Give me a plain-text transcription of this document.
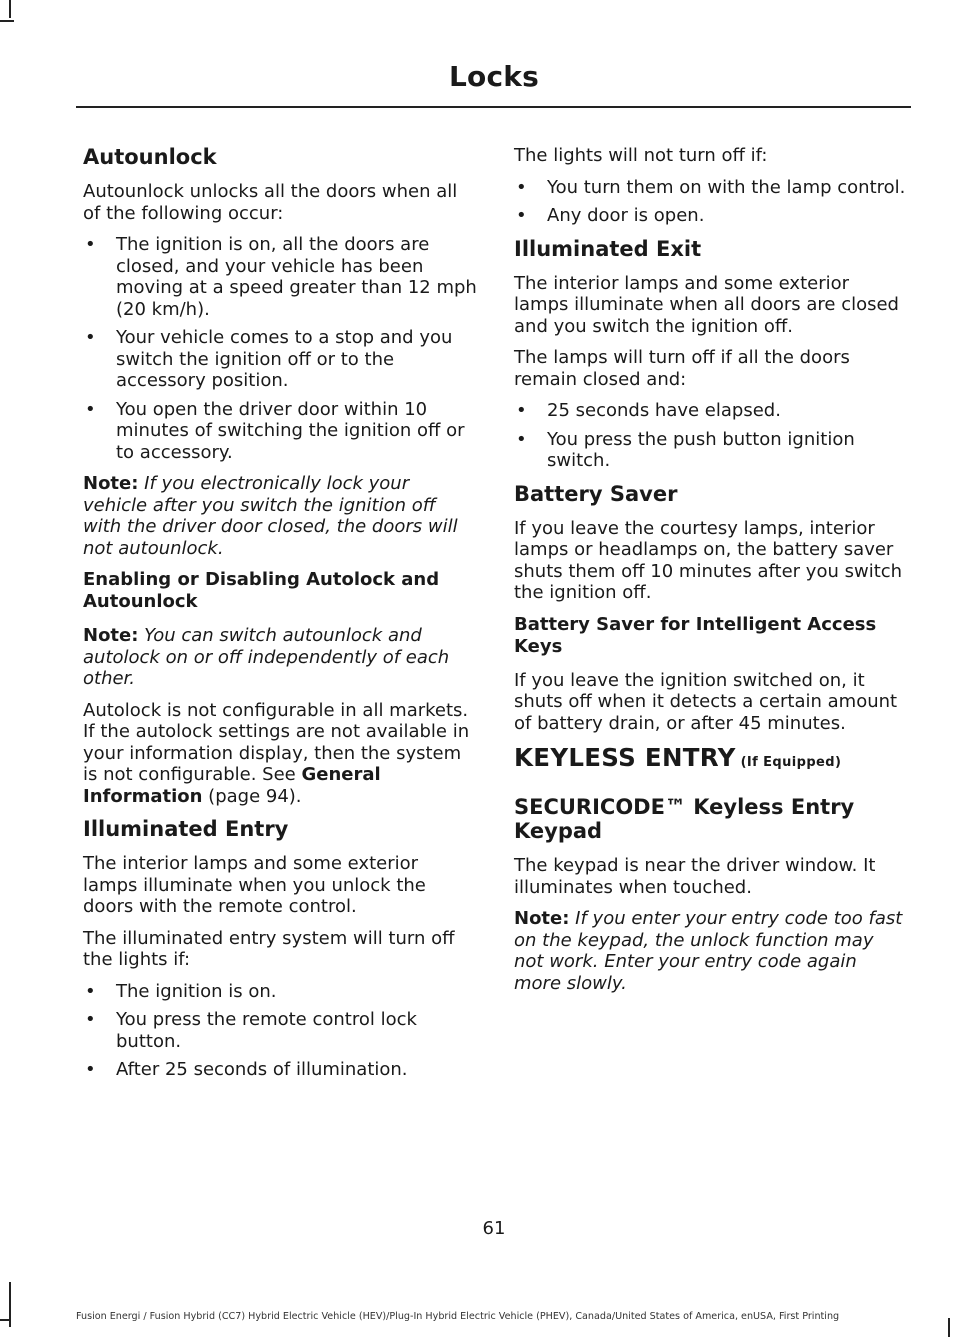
Locks
Autounlock

Autounlock unlocks all the doors when all of the following occur:

• The ignition is on, all the doors are closed, and your vehicle has been moving at a speed greater than 12 mph (20 km/h).
• Your vehicle comes to a stop and you switch the ignition off or to the accessory position.
• You open the driver door within 10 minutes of switching the ignition off or to accessory.

Note: If you electronically lock your vehicle after you switch the ignition off with the driver door closed, the doors will not autounlock.

Enabling or Disabling Autolock and Autounlock

Note: You can switch autounlock and autolock on or off independently of each other.

Autolock is not configurable in all markets. If the autolock settings are not available in your information display, then the system is not configurable. See General Information (page 94).

Illuminated Entry

The interior lamps and some exterior lamps illuminate when you unlock the doors with the remote control.

The illuminated entry system will turn off the lights if:

• The ignition is on.
• You press the remote control lock button.
• After 25 seconds of illumination.

The lights will not turn off if:

• You turn them on with the lamp control.
• Any door is open.
Illuminated Exit

The interior lamps and some exterior lamps illuminate when all doors are closed and you switch the ignition off.

The lamps will turn off if all the doors remain closed and:

• 25 seconds have elapsed.
• You press the push button ignition switch.
Battery Saver

If you leave the courtesy lamps, interior lamps or headlamps on, the battery saver shuts them off 10 minutes after you switch the ignition off.

Battery Saver for Intelligent Access Keys

If you leave the ignition switched on, it shuts off when it detects a certain amount of battery drain, or after 45 minutes.

KEYLESS ENTRY (If Equipped)
SECURICODE™ Keyless Entry Keypad

The keypad is near the driver window. It illuminates when touched.

Note: If you enter your entry code too fast on the keypad, the unlock function may not work. Enter your entry code again more slowly.

61
Fusion Energi / Fusion Hybrid (CC7) Hybrid Electric Vehicle (HEV)/Plug-In Hybrid Electric Vehicle (PHEV), Canada/United States of America, enUSA, First Printing
